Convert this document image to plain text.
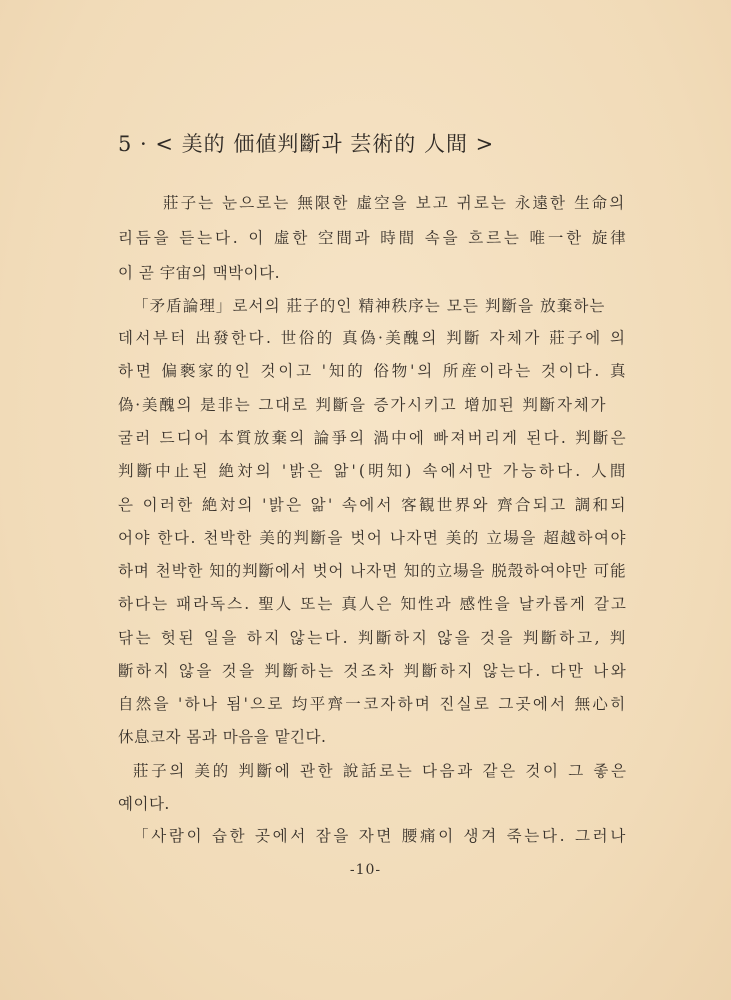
5 · < 美的 価値判斷과 芸術的 人間 >
莊子는 눈으로는 無限한 虛空을 보고 귀로는 永遠한 生命의
리듬을 듣는다. 이 虛한 空間과 時間 속을 흐르는 唯一한 旋律
이 곧 宇宙의 맥박이다.
「矛盾論理」로서의 莊子的인 精神秩序는 모든 判斷을 放棄하는
데서부터 出發한다. 世俗的 真偽·美醜의 判斷 자체가 莊子에 의
하면 偏褻家的인 것이고 '知的 俗物'의 所産이라는 것이다. 真
偽·美醜의 是非는 그대로 判斷을 증가시키고 增加된 判斷자체가
굴러 드디어 本質放棄의 論爭의 渦中에 빠져버리게 된다. 判斷은
判斷中止된 絶対의 '밝은 앎'(明知) 속에서만 가능하다. 人間
은 이러한 絶対의 '밝은 앎' 속에서 客観世界와 齊合되고 調和되
어야 한다. 천박한 美的判斷을 벗어 나자면 美的 立場을 超越하여야
하며 천박한 知的判斷에서 벗어 나자면 知的立場을 脱殼하여야만 可能
하다는 패라독스. 聖人 또는 真人은 知性과 感性을 날카롭게 갈고
닦는 헛된 일을 하지 않는다. 判斷하지 않을 것을 判斷하고, 判
斷하지 않을 것을 判斷하는 것조차 判斷하지 않는다. 다만 나와
自然을 '하나 됨'으로 均平齊一코자하며 진실로 그곳에서 無心히
休息코자 몸과 마음을 맡긴다.
莊子의 美的 判斷에 관한 說話로는 다음과 같은 것이 그 좋은
예이다.
「사람이 습한 곳에서 잠을 자면 腰痛이 생겨 죽는다. 그러나
-10-
